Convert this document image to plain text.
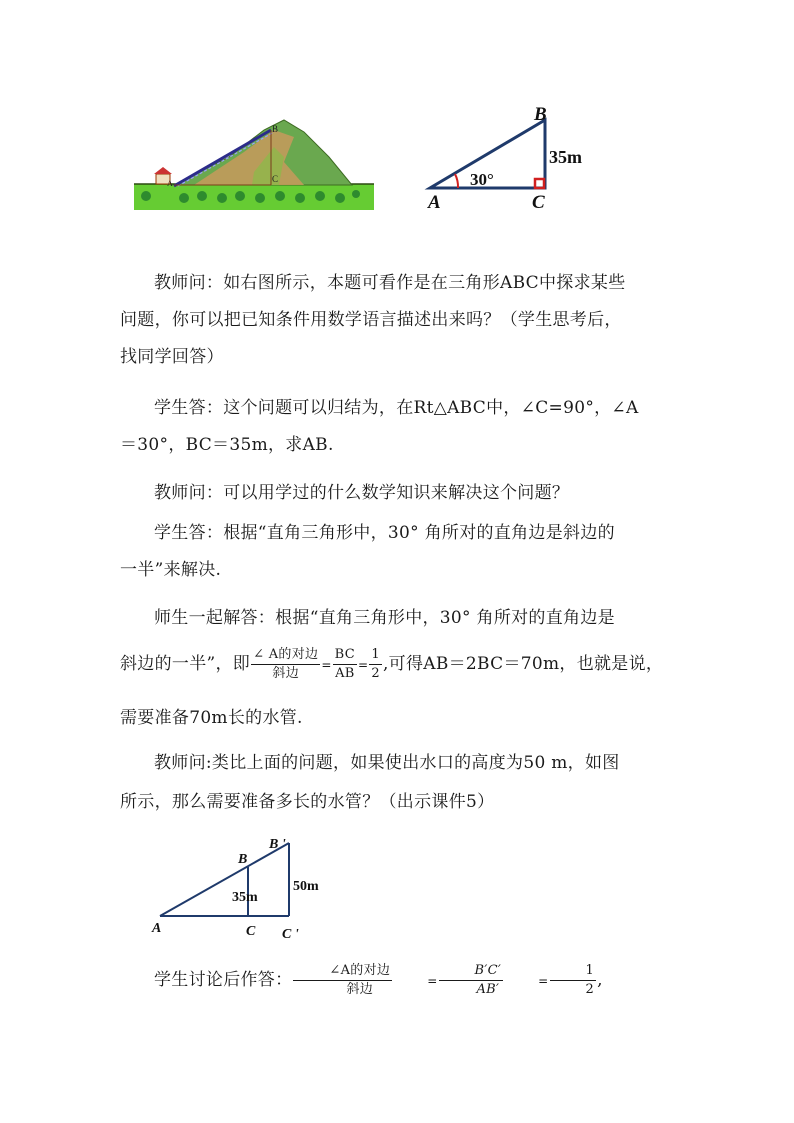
B
C
A
B
A	C
35m
30°
教师问：如右图所示，本题可看作是在三角形ABC中探求某些
问题，你可以把已知条件用数学语言描述出来吗？（学生思考后，
找同学回答）
学生答：这个问题可以归结为，在Rt△ABC中，∠C=90°，∠A
＝30°，BC＝35m，求AB.
教师问：可以用学过的什么数学知识来解决这个问题？
学生答：根据“直角三角形中，30° 角所对的直角边是斜边的
一半”来解决.
师生一起解答：根据“直角三角形中，30° 角所对的直角边是
斜边的一半”，即 $\frac{\text{∠ A的对边}}{\text{斜边}} = \frac{BC}{AB} = \frac{1}{2}$ ,可得AB＝2BC＝70m，也就是说，
需要准备70m长的水管.
教师问:类比上面的问题，如果使出水口的高度为50 m，如图
所示，那么需要准备多长的水管？（出示课件5）
B
B '
A	C C '
35m
50m
学生讨论后作答： $\frac{\text{∠A的对边}}{\text{斜边}}$	= $\frac{B'C'}{AB'}$	= $\frac{1}{2}$ ,
